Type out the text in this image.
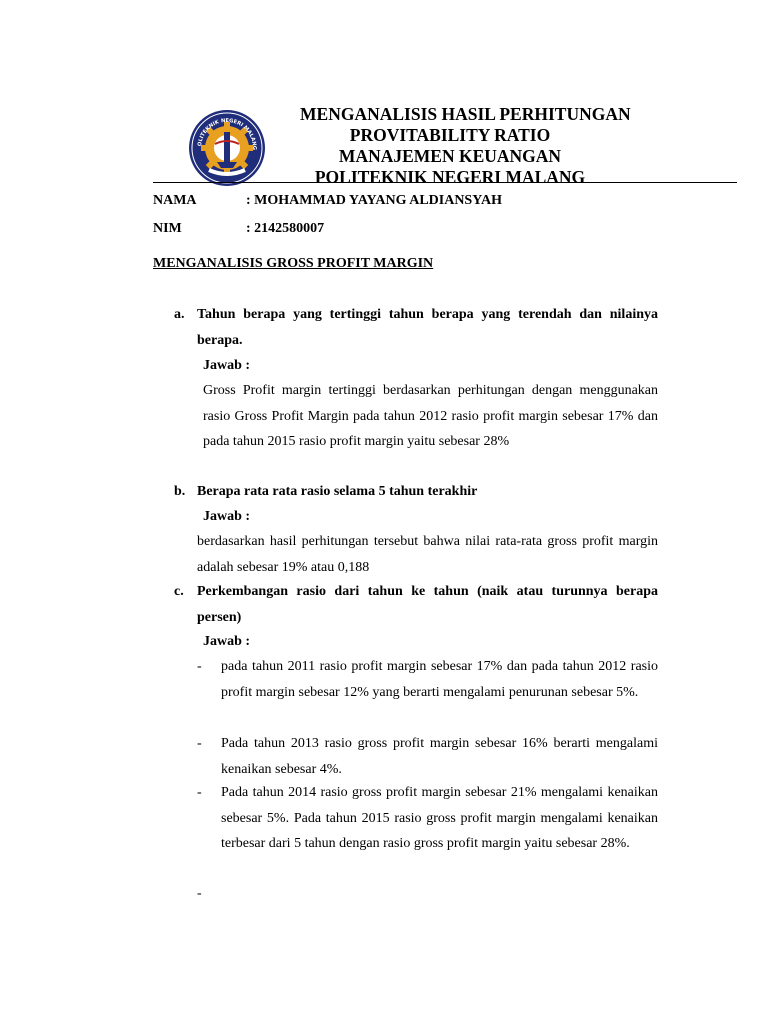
OLITEKNIK NEGERI MALANG
MENGANALISIS HASIL PERHITUNGAN
PROVITABILITY RATIO
MANAJEMEN KEUANGAN
POLITEKNIK NEGERI MALANG
NAMA	: MOHAMMAD YAYANG ALDIANSYAH
NIM	: 2142580007
MENGANALISIS GROSS PROFIT MARGIN
a. Tahun berapa yang tertinggi tahun berapa yang terendah dan nilainya berapa.
Jawab :
Gross Profit margin tertinggi berdasarkan perhitungan dengan menggunakan rasio Gross Profit Margin pada tahun 2012 rasio profit margin sebesar 17% dan pada tahun 2015 rasio profit margin yaitu sebesar 28%
b. Berapa rata rata rasio selama 5 tahun terakhir
Jawab :
berdasarkan hasil perhitungan tersebut bahwa nilai rata-rata gross profit margin adalah sebesar 19% atau 0,188
c. Perkembangan rasio dari tahun ke tahun (naik atau turunnya berapa persen)
Jawab :
- pada tahun 2011 rasio profit margin sebesar 17% dan pada tahun 2012 rasio profit margin sebesar 12% yang berarti mengalami penurunan sebesar 5%.
- Pada tahun 2013 rasio gross profit margin sebesar 16% berarti mengalami kenaikan sebesar 4%.
- Pada tahun 2014 rasio gross profit margin sebesar 21% mengalami kenaikan sebesar 5%. Pada tahun 2015 rasio gross profit margin mengalami kenaikan terbesar dari 5 tahun dengan rasio gross profit margin yaitu sebesar 28%.
-
